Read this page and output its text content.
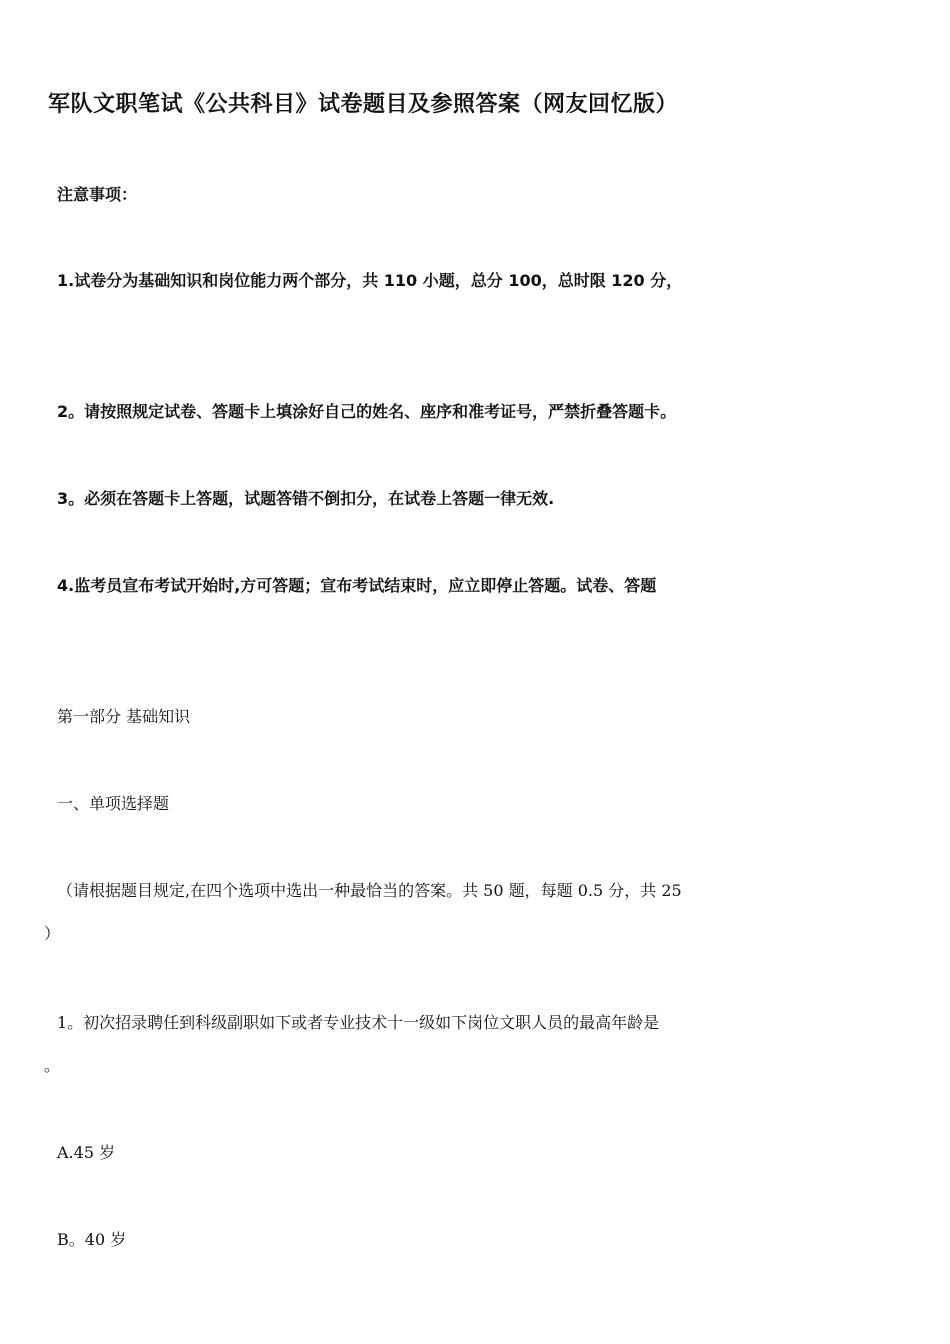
军队文职笔试《公共科目》试卷题目及参照答案（网友回忆版）
注意事项：
1.试卷分为基础知识和岗位能力两个部分，共 110 小题，总分 100，总时限 120 分，
2。请按照规定试卷、答题卡上填涂好自己的姓名、座序和准考证号，严禁折叠答题卡。
3。必须在答题卡上答题，试题答错不倒扣分，在试卷上答题一律无效.
4.监考员宣布考试开始时,方可答题；宣布考试结束时，应立即停止答题。试卷、答题
第一部分 基础知识
一、单项选择题
（请根据题目规定,在四个选项中选出一种最恰当的答案。共 50 题，每题 0.5 分，共 25
）
1。初次招录聘任到科级副职如下或者专业技术十一级如下岗位文职人员的最高年龄是
。
A.45 岁
B。40 岁
